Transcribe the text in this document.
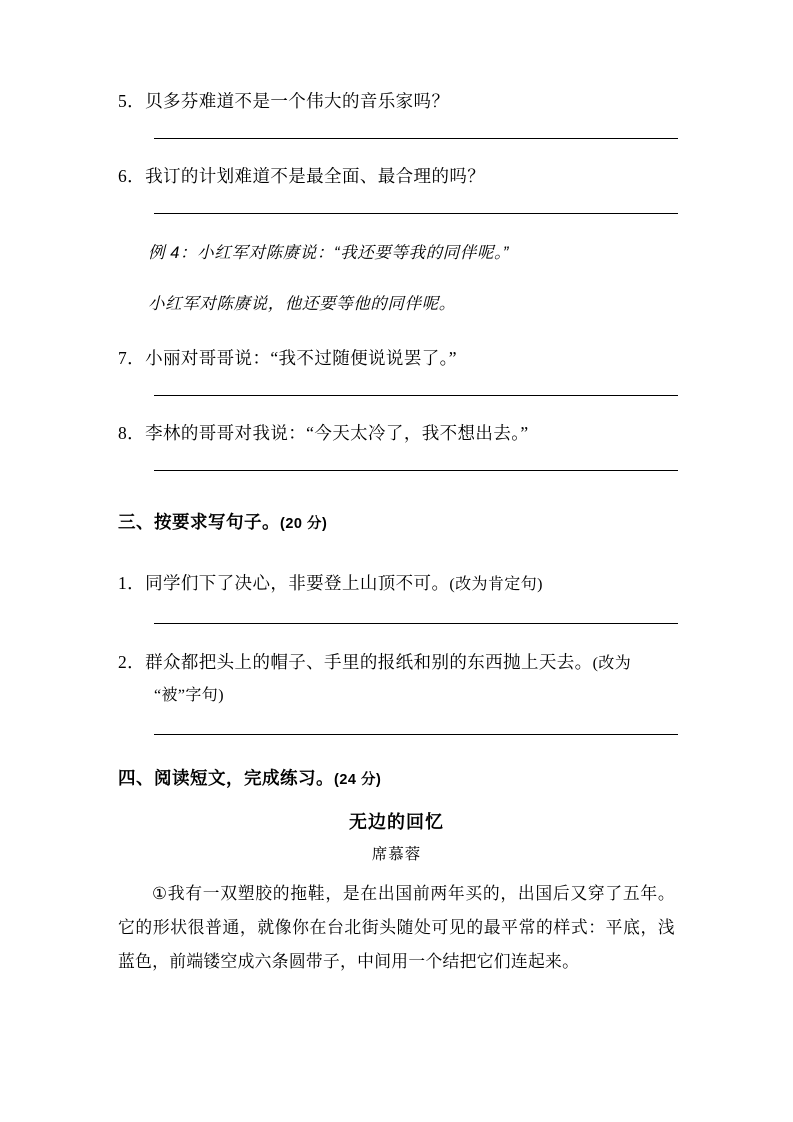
5．贝多芬难道不是一个伟大的音乐家吗？

6．我订的计划难道不是最全面、最合理的吗？

例 4：小红军对陈赓说：“我还要等我的同伴呢。”

小红军对陈赓说，他还要等他的同伴呢。

7．小丽对哥哥说：“我不过随便说说罢了。”

8．李林的哥哥对我说：“今天太冷了，我不想出去。”

三、按要求写句子。(20 分)

1．同学们下了决心，非要登上山顶不可。(改为肯定句)

2．群众都把头上的帽子、手里的报纸和别的东西抛上天去。(改为
“被”字句)

四、阅读短文，完成练习。(24 分)

无边的回忆

席慕蓉

①我有一双塑胶的拖鞋，是在出国前两年买的，出国后又穿了五年。它的形状很普通，就像你在台北街头随处可见的最平常的样式：平底，浅蓝色，前端镂空成六条圆带子，中间用一个结把它们连起来。
